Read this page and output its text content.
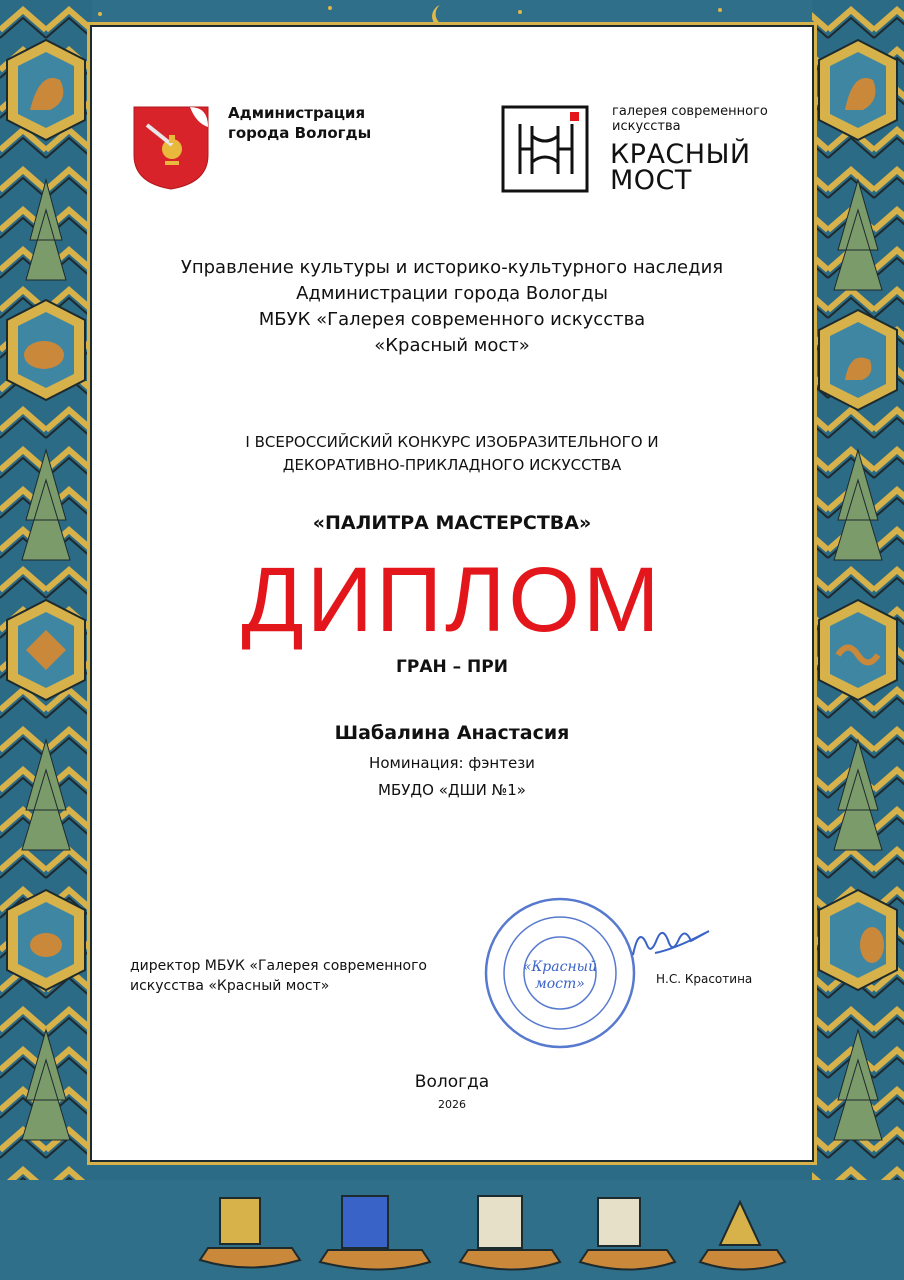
Администрация
города Вологды
галерея современного
искусства
КРАСНЫЙ
МОСТ
Управление культуры и историко-культурного наследия
Администрации города Вологды
МБУК «Галерея современного искусства
«Красный мост»
I ВСЕРОССИЙСКИЙ КОНКУРС ИЗОБРАЗИТЕЛЬНОГО И
ДЕКОРАТИВНО-ПРИКЛАДНОГО ИСКУССТВА
«ПАЛИТРА МАСТЕРСТВА»
ДИПЛОМ
ГРАН – ПРИ
Шабалина Анастасия
Номинация: фэнтези
МБУДО «ДШИ №1»
директор МБУК «Галерея современного
искусства «Красный мост»
«Красный
мост»	Н.С. Красотина
Вологда
2026
